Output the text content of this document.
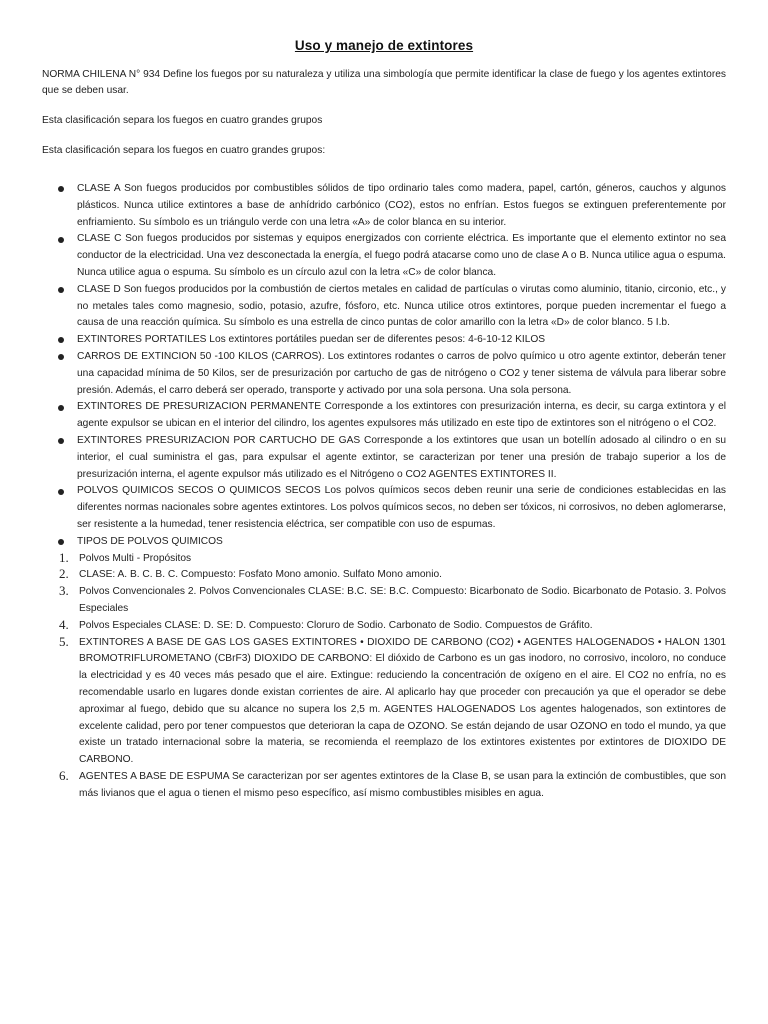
Uso y manejo de extintores

NORMA CHILENA N° 934 Define los fuegos por su naturaleza y utiliza una simbología que permite identificar la clase de fuego y los agentes extintores que se deben usar.

Esta clasificación separa los fuegos en cuatro grandes grupos

Esta clasificación separa los fuegos en cuatro grandes grupos:

CLASE A Son fuegos producidos por combustibles sólidos de tipo ordinario tales como madera, papel, cartón, géneros, cauchos y algunos plásticos. Nunca utilice extintores a base de anhídrido carbónico (CO2), estos no enfrían. Estos fuegos se extinguen preferentemente por enfriamiento. Su símbolo es un triángulo verde con una letra «A» de color blanca en su interior.
CLASE C Son fuegos producidos por sistemas y equipos energizados con corriente eléctrica. Es importante que el elemento extintor no sea conductor de la electricidad. Una vez desconectada la energía, el fuego podrá atacarse como uno de clase A o B. Nunca utilice agua o espuma. Nunca utilice agua o espuma. Su símbolo es un círculo azul con la letra «C» de color blanca.
CLASE D Son fuegos producidos por la combustión de ciertos metales en calidad de partículas o virutas como aluminio, titanio, circonio, etc., y no metales tales como magnesio, sodio, potasio, azufre, fósforo, etc. Nunca utilice otros extintores, porque pueden incrementar el fuego a causa de una reacción química. Su símbolo es una estrella de cinco puntas de color amarillo con la letra «D» de color blanco. 5 I.b.
EXTINTORES PORTATILES Los extintores portátiles puedan ser de diferentes pesos: 4-6-10-12 KILOS
CARROS DE EXTINCION 50 -100 KILOS (CARROS). Los extintores rodantes o carros de polvo químico u otro agente extintor, deberán tener una capacidad mínima de 50 Kilos, ser de presurización por cartucho de gas de nitrógeno o CO2 y tener sistema de válvula para liberar sobre presión. Además, el carro deberá ser operado, transporte y activado por una sola persona. Una sola persona.
EXTINTORES DE PRESURIZACION PERMANENTE Corresponde a los extintores con presurización interna, es decir, su carga extintora y el agente expulsor se ubican en el interior del cilindro, los agentes expulsores más utilizado en este tipo de extintores son el nitrógeno o el CO2.
EXTINTORES PRESURIZACION POR CARTUCHO DE GAS Corresponde a los extintores que usan un botellín adosado al cilindro o en su interior, el cual suministra el gas, para expulsar el agente extintor, se caracterizan por tener una presión de trabajo superior a los de presurización interna, el agente expulsor más utilizado es el Nitrógeno o CO2 AGENTES EXTINTORES II.
POLVOS QUIMICOS SECOS O QUIMICOS SECOS Los polvos químicos secos deben reunir una serie de condiciones establecidas en las diferentes normas nacionales sobre agentes extintores. Los polvos químicos secos, no deben ser tóxicos, ni corrosivos, no deben aglomerarse, ser resistente a la humedad, tener resistencia eléctrica, ser compatible con uso de espumas.
TIPOS DE POLVOS QUIMICOS
Polvos Multi - Propósitos
CLASE: A. B. C. B. C. Compuesto: Fosfato Mono amonio. Sulfato Mono amonio.
Polvos Convencionales 2. Polvos Convencionales CLASE: B.C. SE: B.C. Compuesto: Bicarbonato de Sodio. Bicarbonato de Potasio. 3. Polvos Especiales
Polvos Especiales CLASE: D. SE: D. Compuesto: Cloruro de Sodio. Carbonato de Sodio. Compuestos de Gráfito.
EXTINTORES A BASE DE GAS LOS GASES EXTINTORES • DIOXIDO DE CARBONO (CO2) • AGENTES HALOGENADOS • HALON 1301 BROMOTRIFLUROMETANO (CBrF3) DIOXIDO DE CARBONO: El dióxido de Carbono es un gas inodoro, no corrosivo, incoloro, no conduce la electricidad y es 40 veces más pesado que el aire. Extingue: reduciendo la concentración de oxígeno en el aire. El CO2 no enfría, no es recomendable usarlo en lugares donde existan corrientes de aire. Al aplicarlo hay que proceder con precaución ya que el operador se debe aproximar al fuego, debido que su alcance no supera los 2,5 m. AGENTES HALOGENADOS Los agentes halogenados, son extintores de excelente calidad, pero por tener compuestos que deterioran la capa de OZONO. Se están dejando de usar OZONO en todo el mundo, ya que existe un tratado internacional sobre la materia, se recomienda el reemplazo de los extintores existentes por extintores de DIOXIDO DE CARBONO.
AGENTES A BASE DE ESPUMA Se caracterizan por ser agentes extintores de la Clase B, se usan para la extinción de combustibles, que son más livianos que el agua o tienen el mismo peso específico, así mismo combustibles misibles en agua.
